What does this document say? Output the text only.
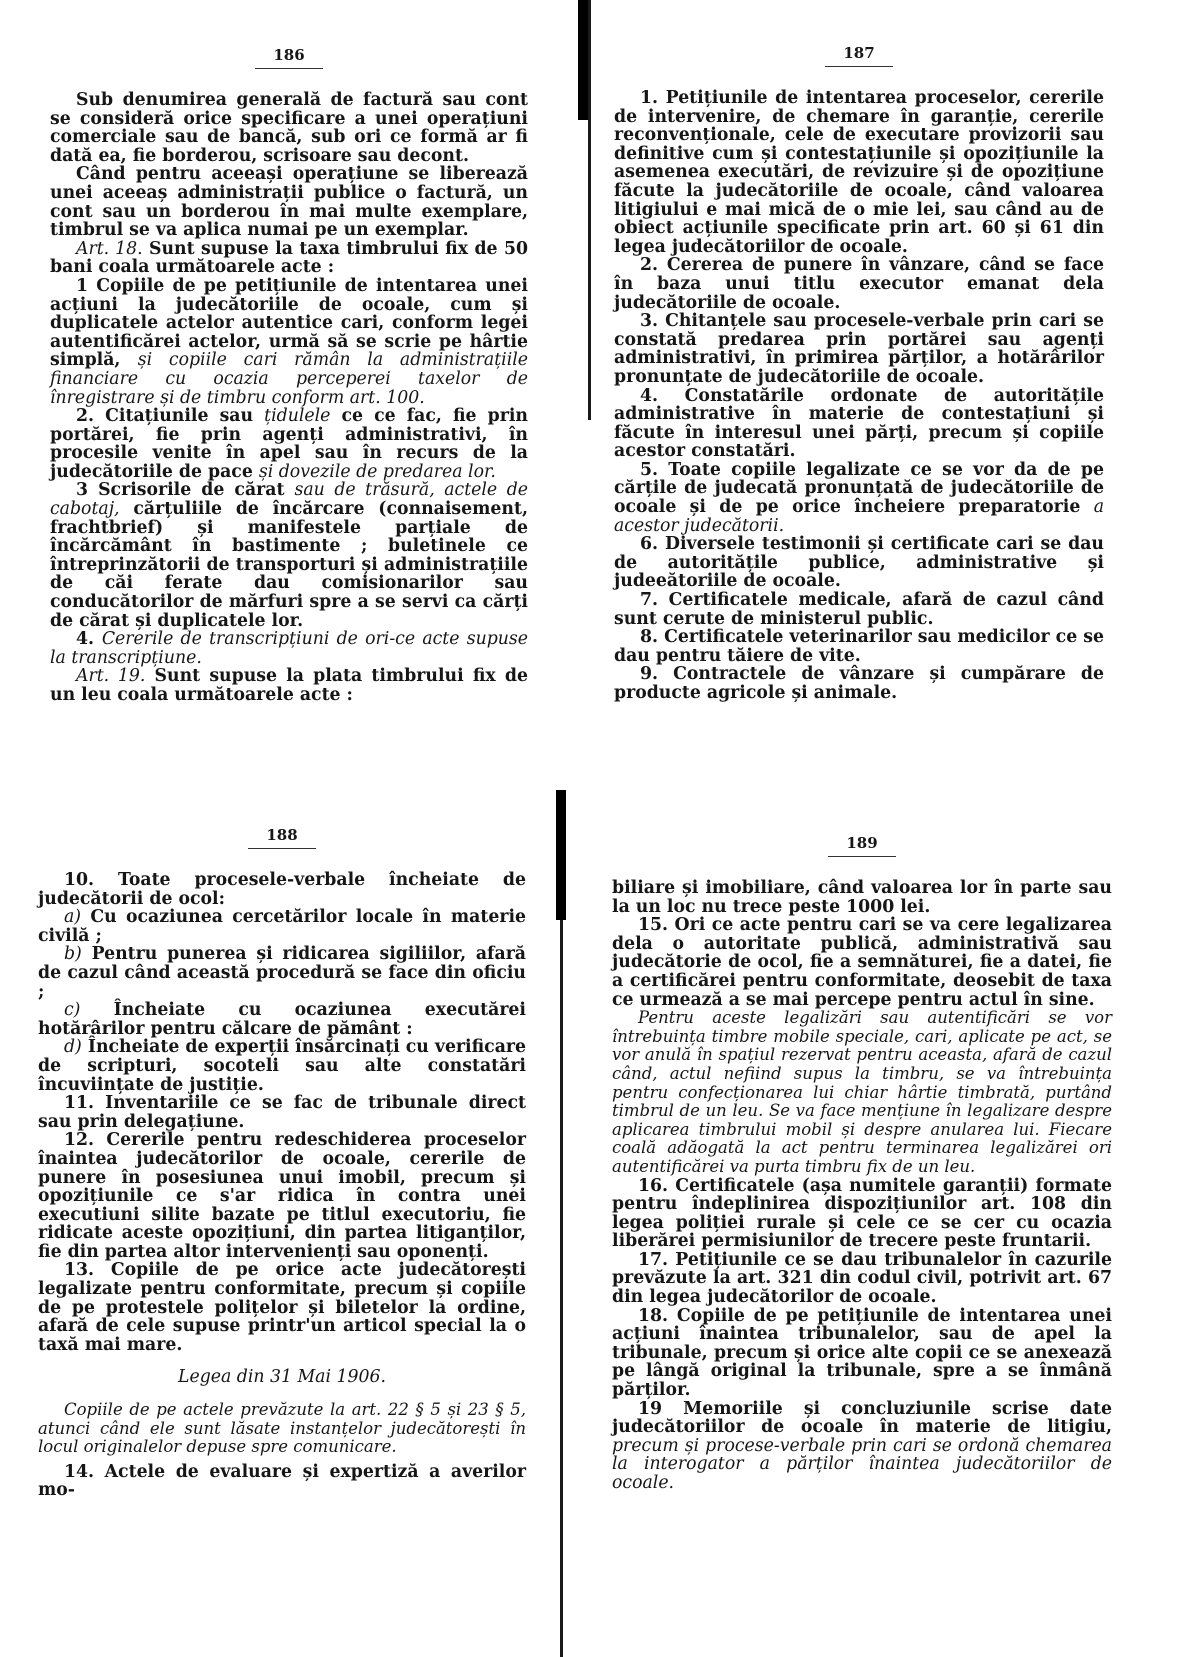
186

Sub denumirea generală de factură sau cont se consideră orice specificare a unei operațiuni comerciale sau de bancă, sub ori ce formă ar fi dată ea, fie borderou, scrisoare sau decont.

Când pentru aceeași operațiune se liberează unei aceeaș administrații publice o factură, un cont sau un borderou în mai multe exemplare, timbrul se va aplica numai pe un exemplar.

Art. 18. Sunt supuse la taxa timbrului fix de 50 bani coala următoarele acte :

1 Copiile de pe petițiunile de intentarea unei acțiuni la judecătoriile de ocoale, cum și duplicatele actelor autentice cari, conform legei autentificărei actelor, urmă să se scrie pe hârtie simplă, și copiile cari rămân la administrațiile financiare cu ocazia perceperei taxelor de înregistrare și de timbru conform art. 100.

2. Citațiunile sau țidulele ce ce fac, fie prin portărei, fie prin agenți administrativi, în procesile venite în apel sau în recurs de la judecătoriile de pace și dovezile de predarea lor.

3 Scrisorile de cărat sau de trăsură, actele de cabotaj, cărțuliile de încărcare (connaisement, frachtbrief) și manifestele parțiale de încărcământ în bastimente ; buletinele ce întreprinzătorii de transporturi și administrațiile de căi ferate dau comisionarilor sau conducătorilor de mărfuri spre a se servi ca cărți de cărat și duplicatele lor.

4. Cererile de transcripțiuni de ori-ce acte supuse la transcripțiune.

Art. 19. Sunt supuse la plata timbrului fix de un leu coala următoarele acte :

187

1. Petițiunile de intentarea proceselor, cererile de intervenire, de chemare în garanție, cererile reconvenționale, cele de executare provizorii sau definitive cum și contestațiunile și opozițiunile la asemenea executări, de revizuire și de opozițiune făcute la judecătoriile de ocoale, când valoarea litigiului e mai mică de o mie lei, sau când au de obiect acțiunile specificate prin art. 60 și 61 din legea judecătoriilor de ocoale.

2. Cererea de punere în vânzare, când se face în baza unui titlu executor emanat dela judecătoriile de ocoale.

3. Chitanțele sau procesele-verbale prin cari se constată predarea prin portărei sau agenți administrativi, în primirea părților, a hotărârilor pronunțate de judecătoriile de ocoale.

4. Constatările ordonate de autoritățile administrative în materie de contestațiuni și făcute în interesul unei părți, precum și copiile acestor constatări.

5. Toate copiile legalizate ce se vor da de pe cărțile de judecată pronunțată de judecătoriile de ocoale și de pe orice încheiere preparatorie a acestor judecătorii.

6. Diversele testimonii și certificate cari se dau de autoritățile publice, administrative și judeeătoriile de ocoale.

7. Certificatele medicale, afară de cazul când sunt cerute de ministerul public.

8. Certificatele veterinarilor sau medicilor ce se dau pentru tăiere de vite.

9. Contractele de vânzare și cumpărare de producte agricole și animale.

188

10. Toate procesele-verbale încheiate de judecătorii de ocol:

a) Cu ocaziunea cercetărilor locale în materie civilă ;

b) Pentru punerea și ridicarea sigiliilor, afară de cazul când această procedură se face din oficiu ;

c) Încheiate cu ocaziunea executărei hotărârilor pentru călcare de pământ :

d) Încheiate de experții însărcinați cu verificare de scripturi, socoteli sau alte constatări încuviințate de justiție.

11. Inventariile ce se fac de tribunale direct sau prin delegațiune.

12. Cererile pentru redeschiderea proceselor înaintea judecătorilor de ocoale, cererile de punere în posesiunea unui imobil, precum și opozițiunile ce s'ar ridica în contra unei executiuni silite bazate pe titlul executoriu, fie ridicate aceste opozițiuni, din partea litiganților, fie din partea altor intervenienți sau oponenți.

13. Copiile de pe orice acte judecătorești legalizate pentru conformitate, precum și copiile de pe protestele polițelor și biletelor la ordine, afară de cele supuse printr'un articol special la o taxă mai mare.

Legea din 31 Mai 1906.

Copiile de pe actele prevăzute la art. 22 § 5 și 23 § 5, atunci când ele sunt lăsate instanțelor judecătorești în locul originalelor depuse spre comunicare.

14. Actele de evaluare și expertiză a averilor mo-

189

biliare și imobiliare, când valoarea lor în parte sau la un loc nu trece peste 1000 lei.

15. Ori ce acte pentru cari se va cere legalizarea dela o autoritate publică, administrativă sau judecătorie de ocol, fie a semnăturei, fie a datei, fie a certificărei pentru conformitate, deosebit de taxa ce urmează a se mai percepe pentru actul în sine.

Pentru aceste legalizări sau autentificări se vor întrebuința timbre mobile speciale, cari, aplicate pe act, se vor anulă în spațiul rezervat pentru aceasta, afară de cazul când, actul nefiind supus la timbru, se va întrebuința pentru confecționarea lui chiar hârtie timbrată, purtând timbrul de un leu. Se va face mențiune în legalizare despre aplicarea timbrului mobil și despre anularea lui. Fiecare coală adăogată la act pentru terminarea legalizărei ori autentificărei va purta timbru fix de un leu.

16. Certificatele (așa numitele garanții) formate pentru îndeplinirea dispozițiunilor art. 108 din legea poliției rurale și cele ce se cer cu ocazia liberărei permisiunilor de trecere peste fruntarii.

17. Petițiunile ce se dau tribunalelor în cazurile prevăzute la art. 321 din codul civil, potrivit art. 67 din legea judecătorilor de ocoale.

18. Copiile de pe petițiunile de intentarea unei acțiuni înaintea tribunalelor, sau de apel la tribunale, precum și orice alte copii ce se anexează pe lângă original la tribunale, spre a se înmână părților.

19 Memoriile și concluziunile scrise date judecătoriilor de ocoale în materie de litigiu, precum și procese-verbale prin cari se ordonă chemarea la interogator a părților înaintea judecătoriilor de ocoale.
